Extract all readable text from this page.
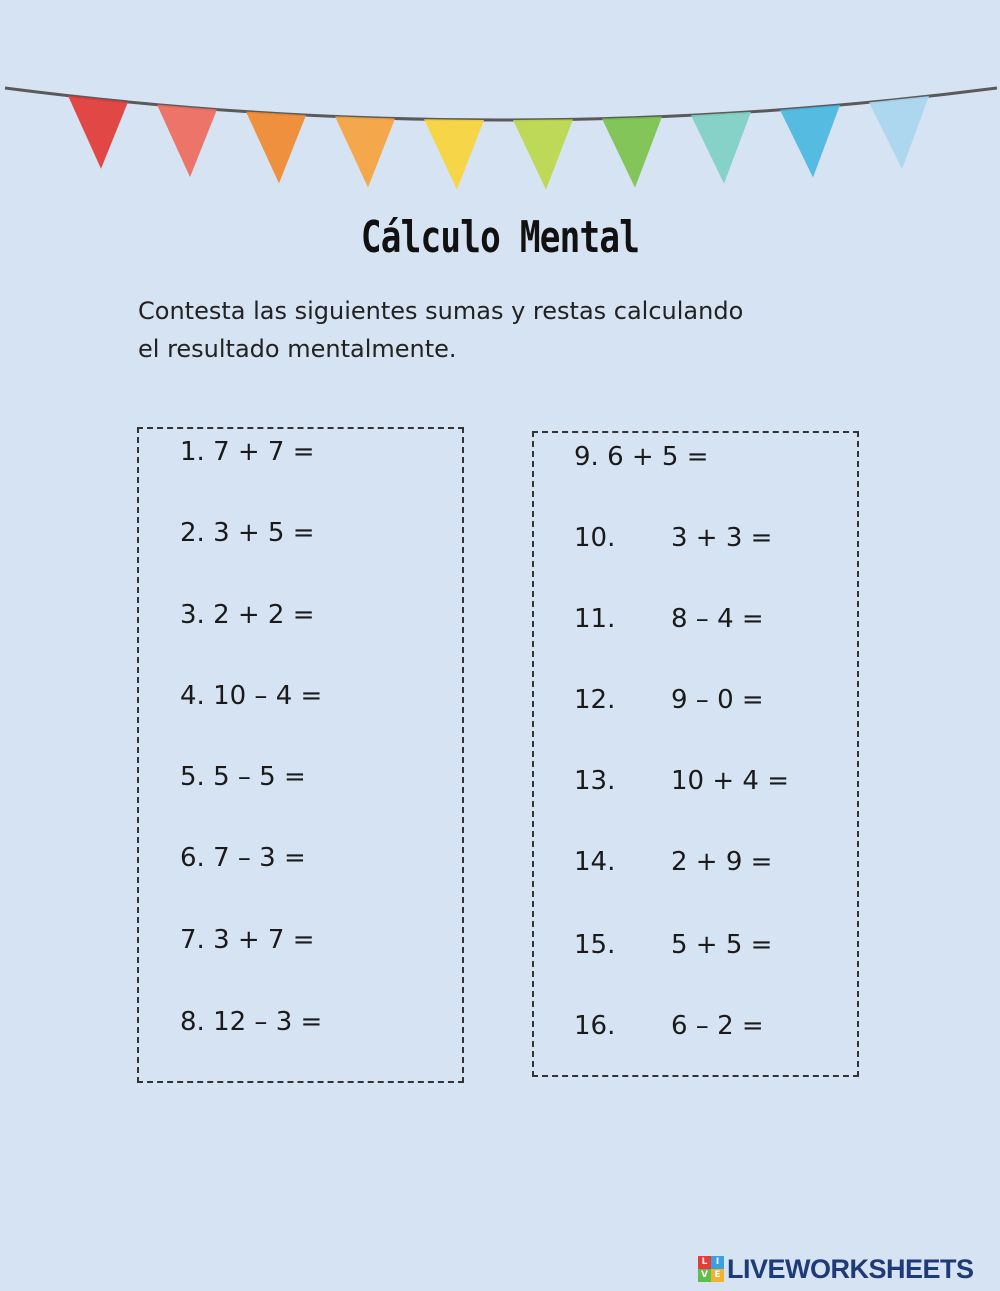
Cálculo Mental
Contesta las siguientes sumas y restas calculando
el resultado mentalmente.
1. 7 + 7 =
2. 3 + 5 =
3. 2 + 2 =
4. 10 – 4 =
5. 5 – 5 =
6. 7 – 3 =
7. 3 + 7 =
8. 12 – 3 =
9. 6 + 5 =
10. 3 + 3 =
11. 8 – 4 =
12. 9 – 0 =
13. 10 + 4 =
14. 2 + 9 =
15. 5 + 5 =
16. 6 – 2 =
L I
V E LIVEWORKSHEETS
